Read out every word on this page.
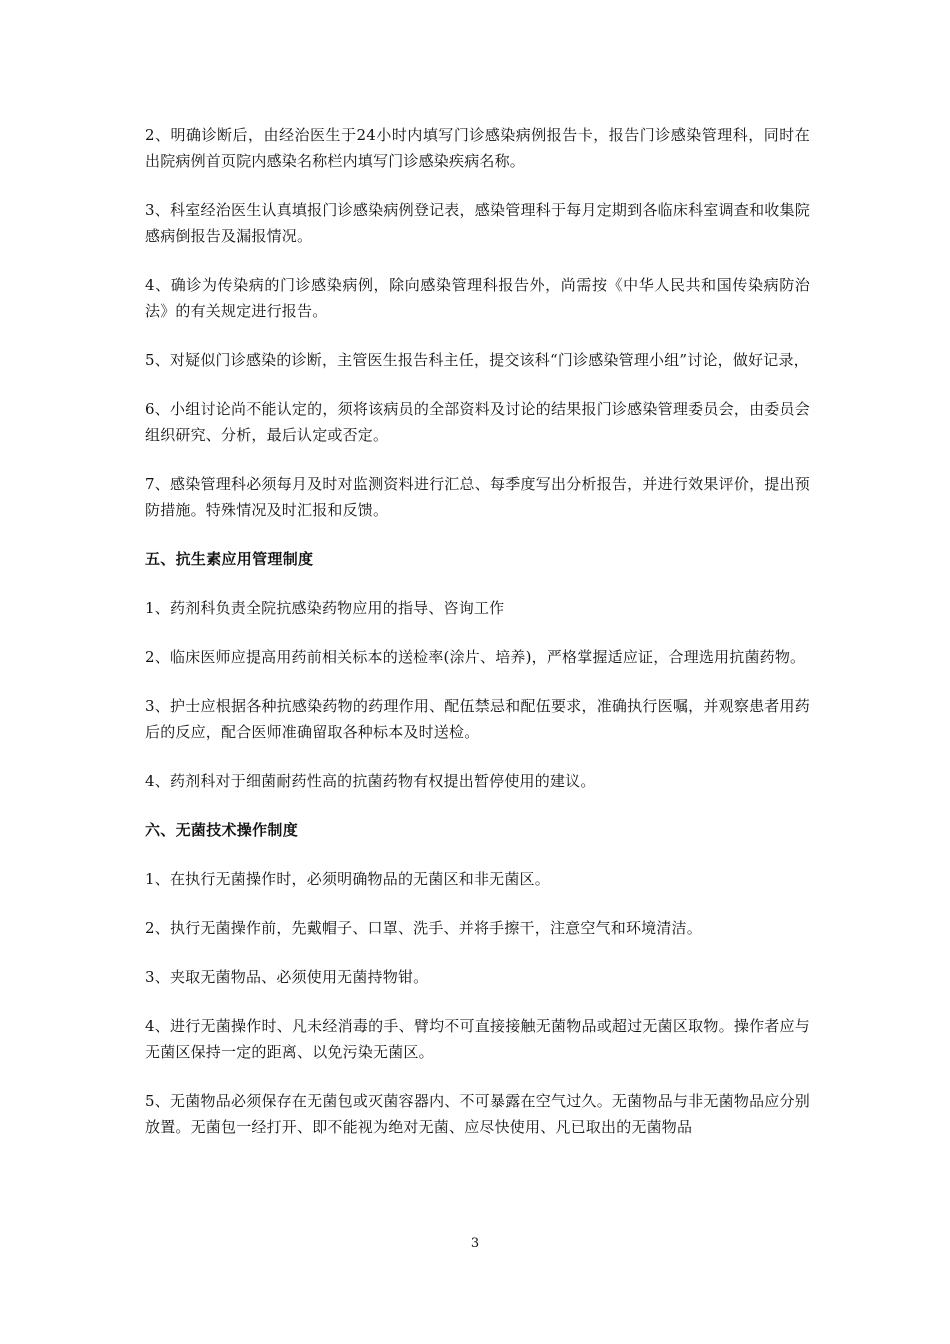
2、明确诊断后，由经治医生于24小时内填写门诊感染病例报告卡，报告门诊感染管理科，同时在出院病例首页院内感染名称栏内填写门诊感染疾病名称。

3、科室经治医生认真填报门诊感染病例登记表，感染管理科于每月定期到各临床科室调查和收集院感病倒报告及漏报情况。

4、确诊为传染病的门诊感染病例，除向感染管理科报告外，尚需按《中华人民共和国传染病防治法》的有关规定进行报告。

5、对疑似门诊感染的诊断，主管医生报告科主任，提交该科“门诊感染管理小组”讨论，做好记录，

6、小组讨论尚不能认定的，须将该病员的全部资料及讨论的结果报门诊感染管理委员会，由委员会组织研究、分析，最后认定或否定。

7、感染管理科必须每月及时对监测资料进行汇总、每季度写出分析报告，并进行效果评价，提出预防措施。特殊情况及时汇报和反馈。

五、抗生素应用管理制度

1、药剂科负责全院抗感染药物应用的指导、咨询工作

2、临床医师应提高用药前相关标本的送检率(涂片、培养)，严格掌握适应证，合理选用抗菌药物。

3、护士应根据各种抗感染药物的药理作用、配伍禁忌和配伍要求，准确执行医嘱，并观察患者用药后的反应，配合医师准确留取各种标本及时送检。

4、药剂科对于细菌耐药性高的抗菌药物有权提出暂停使用的建议。

六、无菌技术操作制度

1、在执行无菌操作时，必须明确物品的无菌区和非无菌区。

2、执行无菌操作前，先戴帽子、口罩、洗手、并将手擦干，注意空气和环境清洁。

3、夹取无菌物品、必须使用无菌持物钳。

4、进行无菌操作时、凡未经消毒的手、臂均不可直接接触无菌物品或超过无菌区取物。操作者应与无菌区保持一定的距离、以免污染无菌区。

5、无菌物品必须保存在无菌包或灭菌容器内、不可暴露在空气过久。无菌物品与非无菌物品应分别放置。无菌包一经打开、即不能视为绝对无菌、应尽快使用、凡已取出的无菌物品

3
